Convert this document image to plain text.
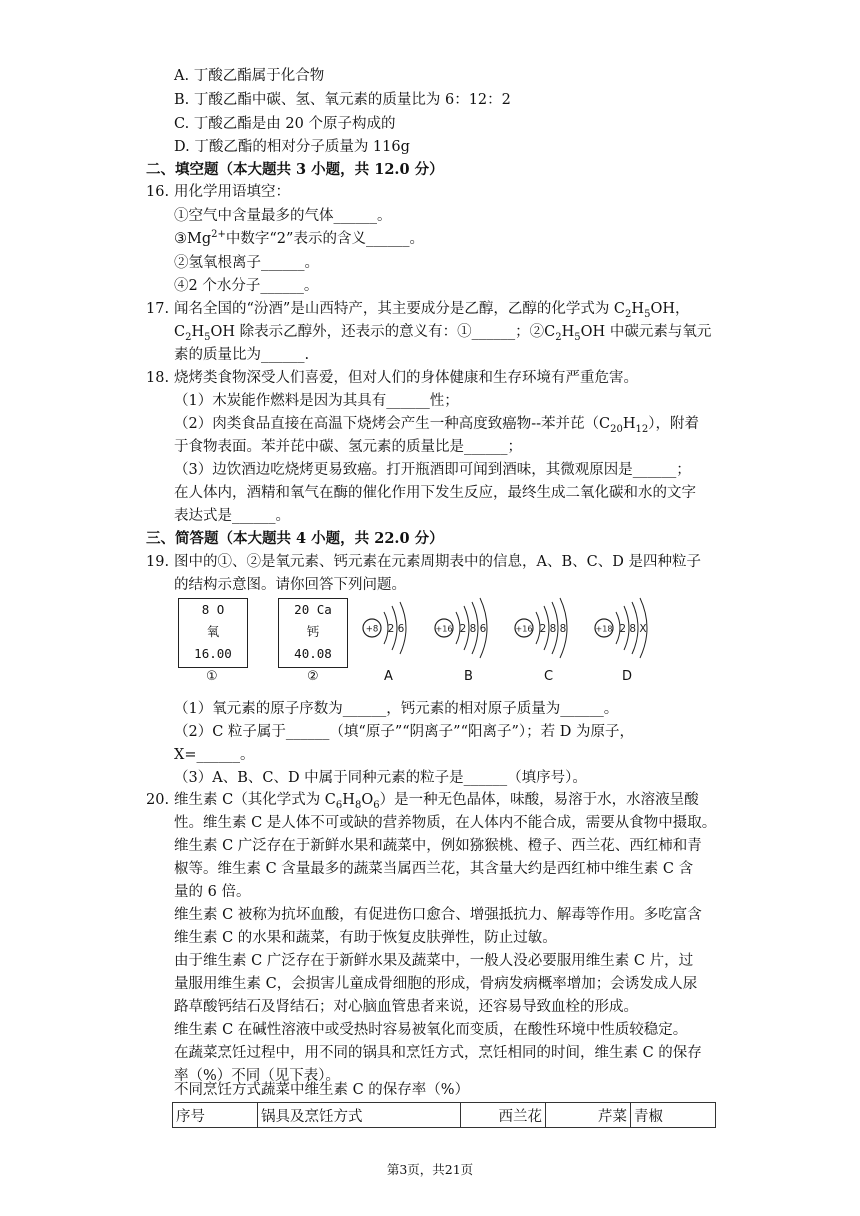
A. 丁酸乙酯属于化合物
B. 丁酸乙酯中碳、氢、氧元素的质量比为 6：12：2
C. 丁酸乙酯是由 20 个原子构成的
D. 丁酸乙酯的相对分子质量为 116g
二、填空题（本大题共 3 小题，共 12.0 分）
16. 用化学用语填空：
①空气中含量最多的气体______。
$③Mg^{2+}$中数字“2”表示的含义______。
②氢氧根离子______。
④2 个水分子______。
17. 闻名全国的“汾酒”是山西特产，其主要成分是乙醇，乙醇的化学式为 $C_2H_5OH$，
$C_2H_5OH$ 除表示乙醇外，还表示的意义有：①______；$②C_2H_5OH$ 中碳元素与氧元
素的质量比为______.
18. 烧烤类食物深受人们喜爱，但对人们的身体健康和生存环境有严重危害。
（1）木炭能作燃料是因为其具有______性；
（2）肉类食品直接在高温下烧烤会产生一种高度致癌物--苯并芘$(C_{20}H_{12})$，附着
于食物表面。苯并芘中碳、氢元素的质量比是______；
（3）边饮酒边吃烧烤更易致癌。打开瓶酒即可闻到酒味，其微观原因是______；
在人体内，酒精和氧气在酶的催化作用下发生反应，最终生成二氧化碳和水的文字
表达式是______。
三、简答题（本大题共 4 小题，共 22.0 分）
19. 图中的①、②是氧元素、钙元素在元素周期表中的信息，A、B、C、D 是四种粒子
的结构示意图。请你回答下列问题。
8 O
氧
16.00
①
20 Ca
钙
40.08
②
+8 2 6	+16 2 8 6	+16 2 8 8	+18 2 8 X
A	B	C	D
（1）氧元素的原子序数为______，钙元素的相对原子质量为______。
（2）C 粒子属于______（填“原子”“阴离子”“阳离子”）；若 D 为原子，
X=______。
（3）A、B、C、D 中属于同种元素的粒子是______（填序号）。
20. 维生素 C（其化学式为 $C_6H_8O_6$）是一种无色晶体，味酸，易溶于水，水溶液呈酸
性。维生素 C 是人体不可或缺的营养物质，在人体内不能合成，需要从食物中摄取。
维生素 C 广泛存在于新鲜水果和蔬菜中，例如猕猴桃、橙子、西兰花、西红柿和青
椒等。维生素 C 含量最多的蔬菜当属西兰花，其含量大约是西红柿中维生素 C 含
量的 6 倍。
维生素 C 被称为抗坏血酸，有促进伤口愈合、增强抵抗力、解毒等作用。多吃富含
维生素 C 的水果和蔬菜，有助于恢复皮肤弹性，防止过敏。
由于维生素 C 广泛存在于新鲜水果及蔬菜中，一般人没必要服用维生素 C 片，过
量服用维生素 C，会损害儿童成骨细胞的形成，骨病发病概率增加；会诱发成人尿
路草酸钙结石及肾结石；对心脑血管患者来说，还容易导致血栓的形成。
维生素 C 在碱性溶液中或受热时容易被氧化而变质，在酸性环境中性质较稳定。
在蔬菜烹饪过程中，用不同的锅具和烹饪方式，烹饪相同的时间，维生素 C 的保存
率（%）不同（见下表）。
不同烹饪方式蔬菜中维生素 C 的保存率（%）
序号	锅具及烹饪方式	西兰花	芹菜	青椒
第3页，共21页
